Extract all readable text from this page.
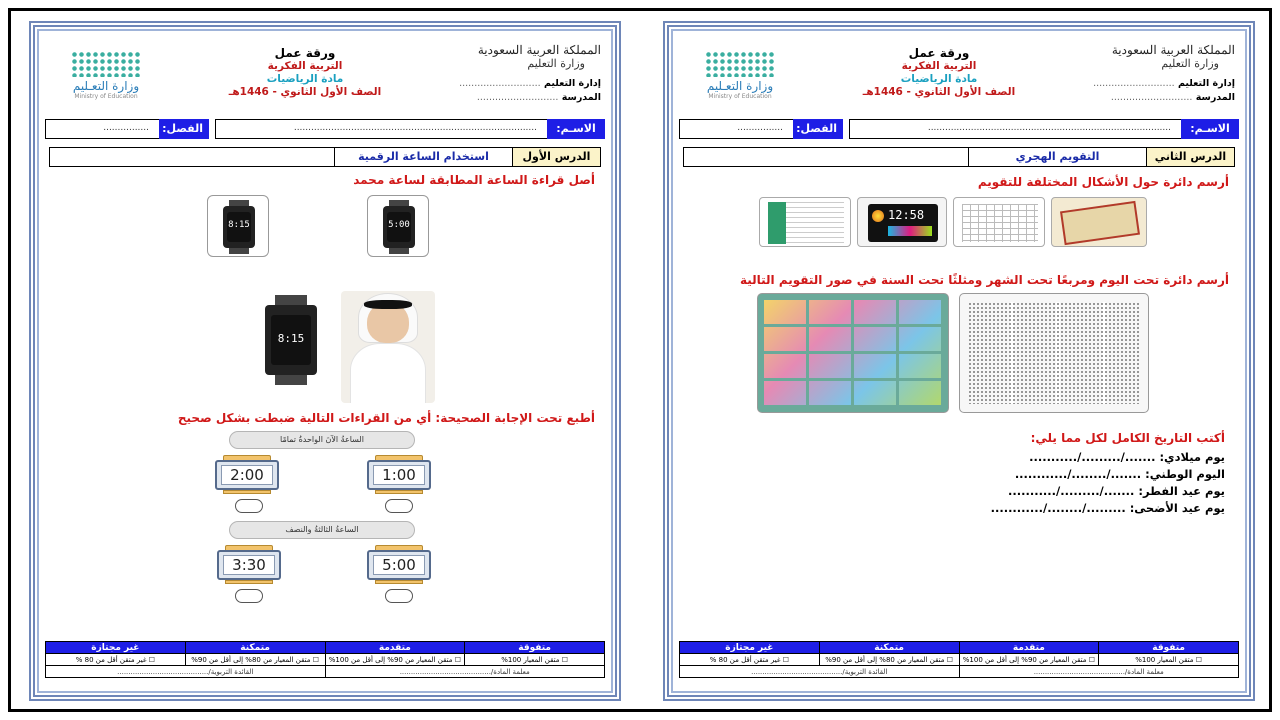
المملكة العربية السعودية
وزارة التعليم
إدارة التعليم ...........................
المدرسة ...........................
ورقة عمل
التربية الفكرية
مادة الرياضيات
الصف الأول الثانوي - 1446هـ
وزارة التعـليم
Ministry of Education
الاسـم:
.....................................................................................
الفصل:
................
الدرس الأول
استخدام الساعة الرقمية
أصل قراءة الساعة المطابقة لساعة محمد
5:00
8:15
8:15
أطبع تحت الإجابة الصحيحة: أي من القراءات التالية ضبطت بشكل صحيح
الساعةُ الآنَ الواحدةُ تمامًا
1:00
2:00
الساعةُ الثالثةُ والنصف
5:00
3:30
متفوقة	متقدمة	متمكنة	غير مجتازة
☐ متقن المعيار 100%	☐ متقن المعيار من 90% إلى أقل من 100%	☐ متقن المعيار من 80% إلى أقل من 90%	☐ غير متقن أقل من 80 %
معلمة المادة/.........................................		القائدة التربوية/.........................................	
المملكة العربية السعودية
وزارة التعليم
إدارة التعليم ...........................
المدرسة ...........................
ورقة عمل
التربية الفكرية
مادة الرياضيات
الصف الأول الثانوي - 1446هـ
وزارة التعـليم
Ministry of Education
الاسـم:
.....................................................................................
الفصل:
................
الدرس الثاني
التقويم الهجري
أرسم دائرة حول الأشكال المختلفة للتقويم
12:58
أرسم دائرة تحت اليوم ومربعًا تحت الشهر ومثلثًا تحت السنة في صور التقويم التالية
أكتب التاريخ الكامل لكل مما يلي:
يوم ميلادي: ......./........./...........
اليوم الوطني: ......./......../............
يوم عيد الفطر: ......./........./...........
يوم عيد الأضحى: ........./......../............
متفوقة	متقدمة	متمكنة	غير مجتازة
☐ متقن المعيار 100%	☐ متقن المعيار من 90% إلى أقل من 100%	☐ متقن المعيار من 80% إلى أقل من 90%	☐ غير متقن أقل من 80 %
معلمة المادة/.........................................		القائدة التربوية/.........................................	
